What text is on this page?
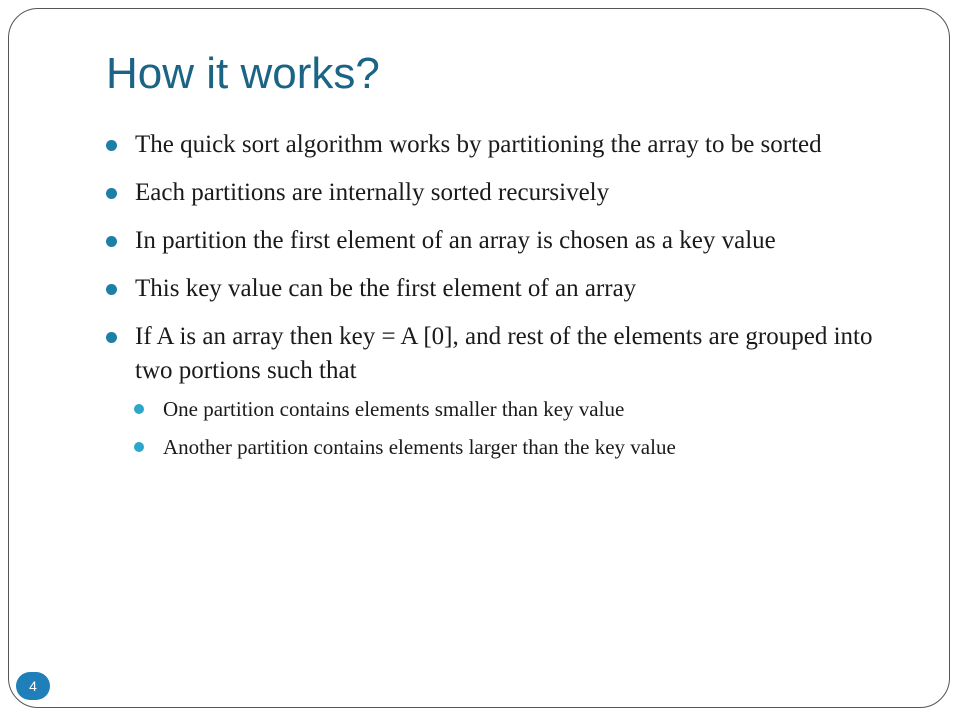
How it works?
The quick sort algorithm works by partitioning the array to be sorted
Each partitions are internally sorted recursively
In partition the first element of an array is chosen as a key value
This key value can be the first element of an array
If A is an array then key = A [0], and rest of the elements are grouped into two portions such that
One partition contains elements smaller than key value
Another partition contains elements larger than the key value
4
